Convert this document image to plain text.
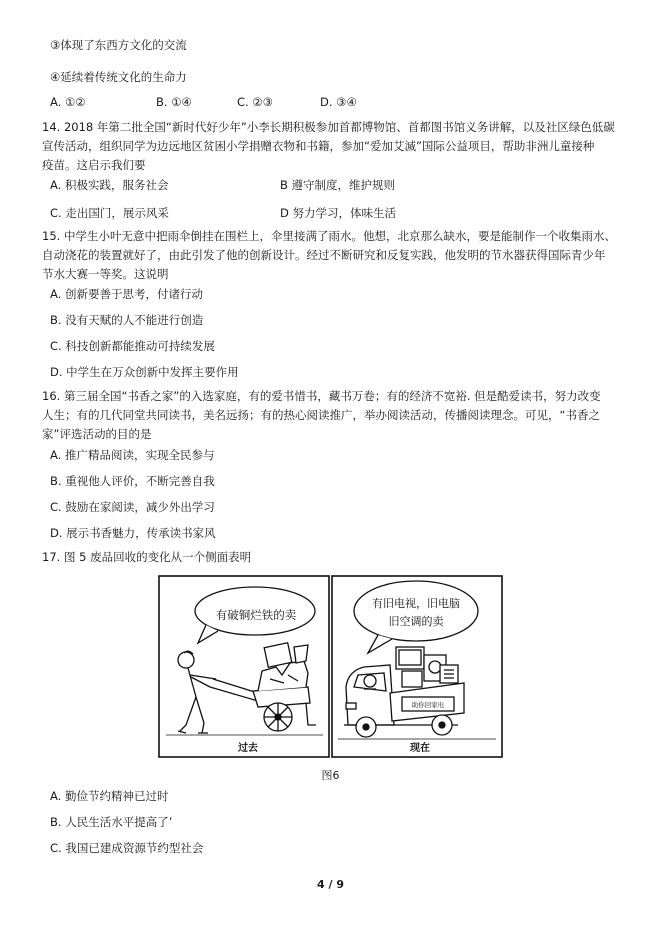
③体现了东西方文化的交流
④延续着传统文化的生命力
A. ①②	B. ①④	C. ②③	D. ③④
14. 2018 年第二批全国“新时代好少年”小李长期积极参加首都博物馆、首都图书馆义务讲解，以及社区绿色低碳
宣传活动，组织同学为边远地区贫困小学捐赠衣物和书籍，参加“爱加艾滅”国际公益项目，帮助非洲儿童接种
疫苗。这启示我们要
A. 积极实践，服务社会	B 遵守制度，维护规则
C. 走出国门，展示风采	D 努力学习，体味生活
15. 中学生小叶无意中把雨伞倒挂在围栏上，伞里接满了雨水。他想，北京那么缺水，要是能制作一个收集雨水、
自动浇花的装置就好了，由此引发了他的创新设计。经过不断研究和反复实践，他发明的节水器获得国际青少年
节水大赛一等奖。这说明
A. 创新要善于思考，付诸行动
B. 没有天赋的人不能进行创造
C. 科技创新都能推动可持续发展
D. 中学生在万众创新中发挥主要作用
16. 第三届全国“书香之家”的入选家庭，有的爱书惜书，藏书万卷；有的经济不宽裕. 但是酷爱读书，努力改变
人生；有的几代同堂共同读书，美名远扬；有的热心阅读推广，举办阅读活动，传播阅读理念。可见，“书香之
家”评选活动的目的是
A. 推广精品阅读，实现全民参与
B. 重视他人评价，不断完善自我
C. 鼓励在家阅读，减少外出学习
D. 展示书香魅力，传承读书家风
17. 图 5 废品回收的变化从一个侧面表明
有破铜烂铁的卖
有旧电视，旧电脑
旧空调的卖
助你回家电
过去	现在
图6
A. 勤俭节约精神已过时
B. 人民生活水平提高了’
C. 我国已建成资源节约型社会
4 / 9
